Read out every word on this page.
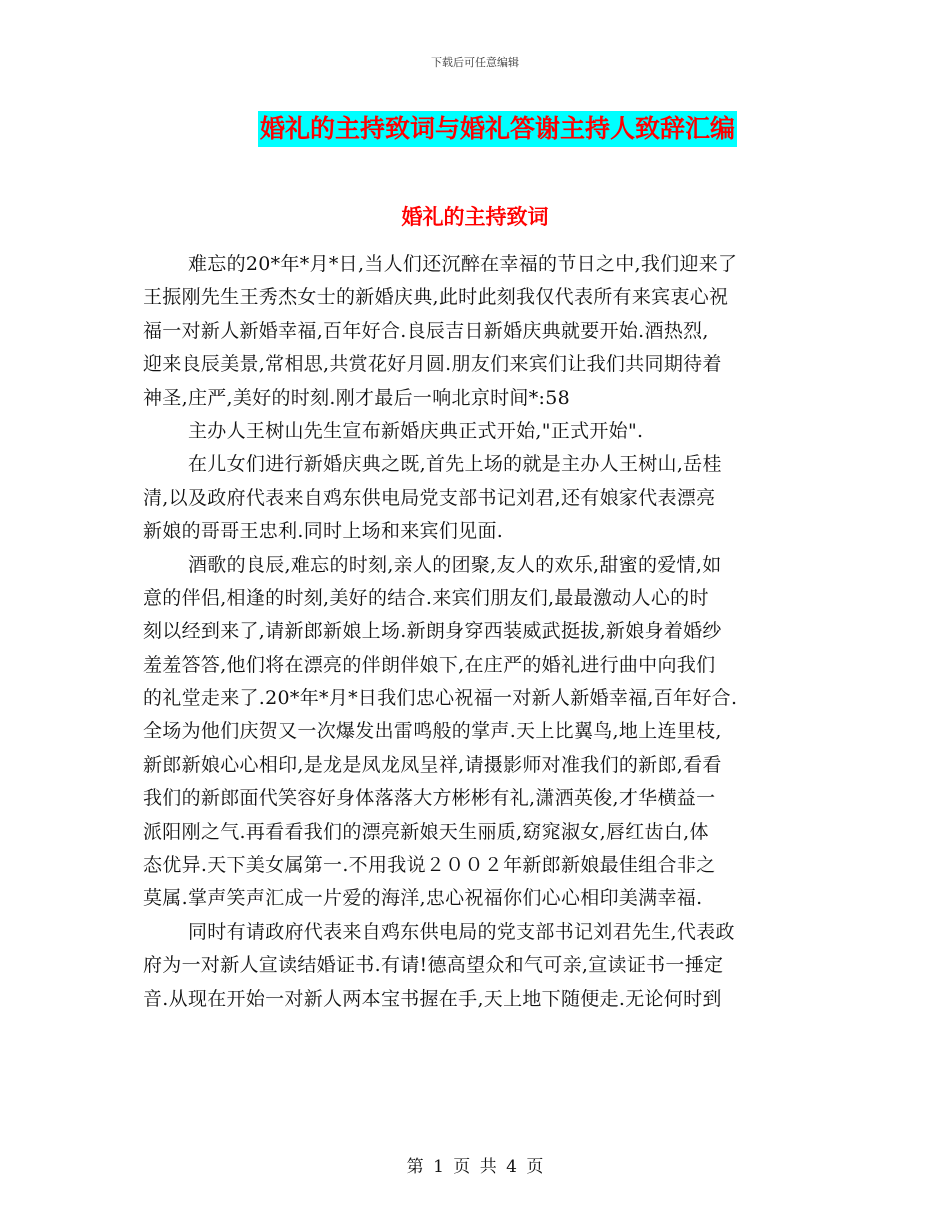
下载后可任意编辑
婚礼的主持致词与婚礼答谢主持人致辞汇编
婚礼的主持致词
难忘的20*年*月*日,当人们还沉醉在幸福的节日之中,我们迎来了
王振刚先生王秀杰女士的新婚庆典,此时此刻我仅代表所有来宾衷心祝
福一对新人新婚幸福,百年好合.良辰吉日新婚庆典就要开始.酒热烈,
迎来良辰美景,常相思,共赏花好月圆.朋友们来宾们让我们共同期待着
神圣,庄严,美好的时刻.刚才最后一响北京时间*:58
主办人王树山先生宣布新婚庆典正式开始,"正式开始".
在儿女们进行新婚庆典之既,首先上场的就是主办人王树山,岳桂
清,以及政府代表来自鸡东供电局党支部书记刘君,还有娘家代表漂亮
新娘的哥哥王忠利.同时上场和来宾们见面.
酒歌的良辰,难忘的时刻,亲人的团聚,友人的欢乐,甜蜜的爱情,如
意的伴侣,相逢的时刻,美好的结合.来宾们朋友们,最最激动人心的时
刻以经到来了,请新郎新娘上场.新朗身穿西装威武挺拔,新娘身着婚纱
羞羞答答,他们将在漂亮的伴朗伴娘下,在庄严的婚礼进行曲中向我们
的礼堂走来了.20*年*月*日我们忠心祝福一对新人新婚幸福,百年好合.
全场为他们庆贺又一次爆发出雷鸣般的掌声.天上比翼鸟,地上连里枝,
新郎新娘心心相印,是龙是凤龙凤呈祥,请摄影师对准我们的新郎,看看
我们的新郎面代笑容好身体落落大方彬彬有礼,潇洒英俊,才华横益一
派阳刚之气.再看看我们的漂亮新娘天生丽质,窈窕淑女,唇红齿白,体
态优异.天下美女属第一.不用我说２００２年新郎新娘最佳组合非之
莫属.掌声笑声汇成一片爱的海洋,忠心祝福你们心心相印美满幸福.
同时有请政府代表来自鸡东供电局的党支部书记刘君先生,代表政
府为一对新人宣读结婚证书.有请!德高望众和气可亲,宣读证书一捶定
音.从现在开始一对新人两本宝书握在手,天上地下随便走.无论何时到
第 1 页 共 4 页
